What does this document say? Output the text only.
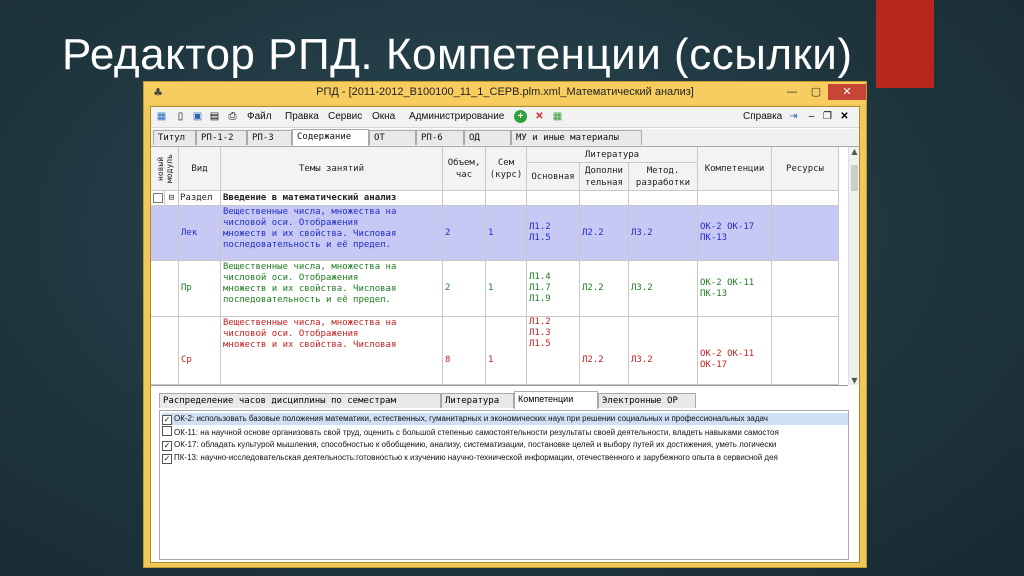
Редактор РПД. Компетенции (ссылки)
♣	РПД - [2011-2012_B100100_11_1_СЕРВ.plm.xml_Математический анализ]	—	▢	✕
▦	▯ ▣ ▤ ⎙ Файл Правка Сервис Окна Администрирование	+	✕ ▦	Справка ⇥	– ❐ ✕
Титул	РП-1-2	РП-3	Содержание	ОТ	РП-6	ОД	МУ и иные материалы
новый модуль	Вид	Темы занятий
Объем,
час
Сем
(курс)
Литература
Основная
Дополни
тельная
Метод.
разработки
Компетенции	Ресурсы
⊟ Раздел	Введение в математический анализ
Лек
Вещественные числа, множества на
числовой оси. Отображения
множеств и их свойства. Числовая
последовательность и её предел.
2	1
Л1.2
Л1.5
Л2.2	Л3.2
ОК-2 ОК-17
ПК-13
Пр
Вещественные числа, множества на
числовой оси. Отображения
множеств и их свойства. Числовая
последовательность и её предел.
2	1
Л1.4
Л1.7
Л1.9
Л2.2	Л3.2
ОК-2 ОК-11
ПК-13
Ср
Вещественные числа, множества на
числовой оси. Отображения
множеств и их свойства. Числовая
8	1
Л1.2
Л1.3
Л1.5
Л2.2	Л3.2
ОК-2 ОК-11
ОК-17
▲
▼
Распределение часов дисциплины по семестрам	Литература	Компетенции	Электронные ОР
✓ ОК-2: использовать базовые положения математики, естественных, гуманитарных и экономических наук при решении социальных и профессиональных задач
ОК-11: на научной основе организовать свой труд, оценить с большой степенью самостоятельности результаты своей деятельности, владеть навыками самостоя
✓ ОК-17: обладать культурой мышления, способностью к обобщению, анализу, систематизации, постановке целей и выбору путей их достижения, уметь логически
✓ ПК-13: научно-исследовательская деятельность:готовностью к изучению научно-технической информации, отечественного и зарубежного опыта в сервисной дея
